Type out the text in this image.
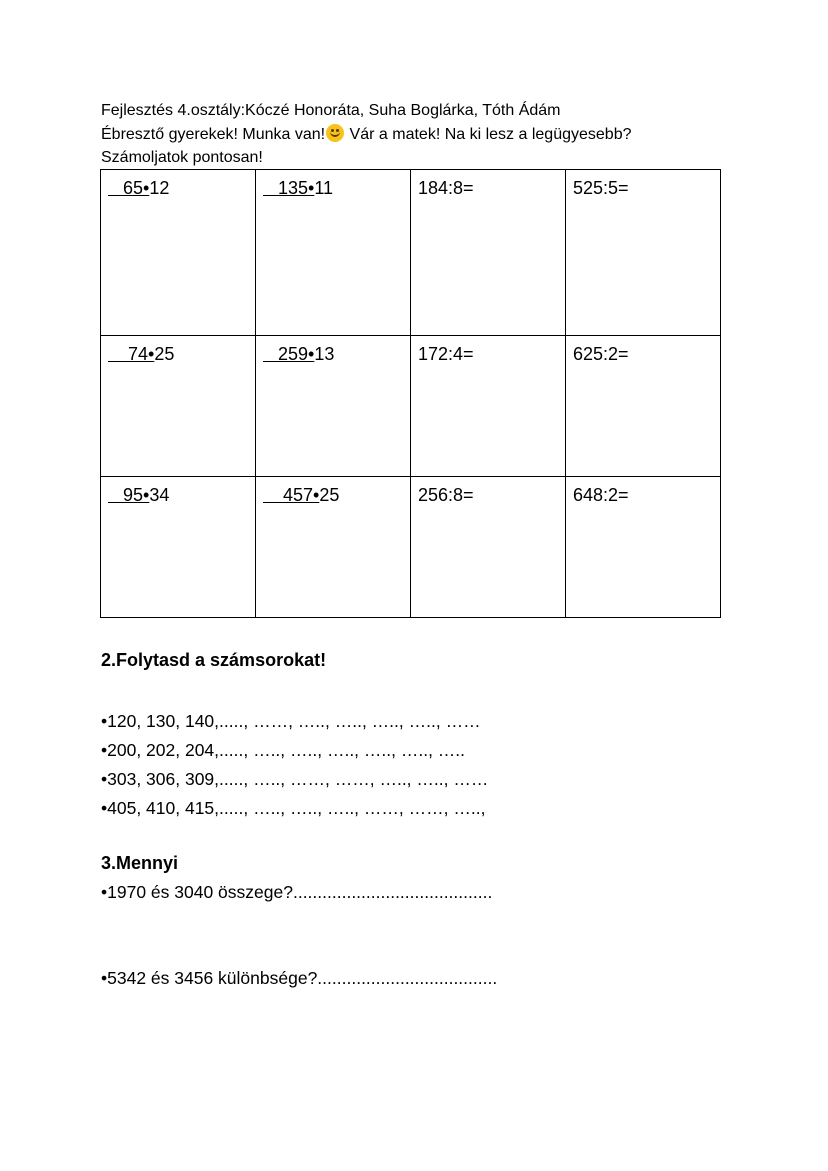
Fejlesztés 4.osztály:Kóczé Honoráta, Suha Boglárka, Tóth Ádám
Ébresztő gyerekek! Munka van!
Vár a matek! Na ki lesz a legügyesebb?
Számoljatok pontosan!
65•12	135•11	184:8=	525:5=
74•25	259•13	172:4=	625:2=
95•34	457•25	256:8=	648:2=
2.Folytasd a számsorokat!
•120, 130, 140,....., ……, ….., ….., ….., ….., ……
•200, 202, 204,....., ….., ….., ….., ….., ….., …..
•303, 306, 309,....., ….., ……, ……, ….., ….., ……
•405, 410, 415,....., ….., ….., ….., ……, ……, …..,
3.Mennyi
•1970 és 3040 összege?.........................................
•5342 és 3456 különbsége?.....................................
